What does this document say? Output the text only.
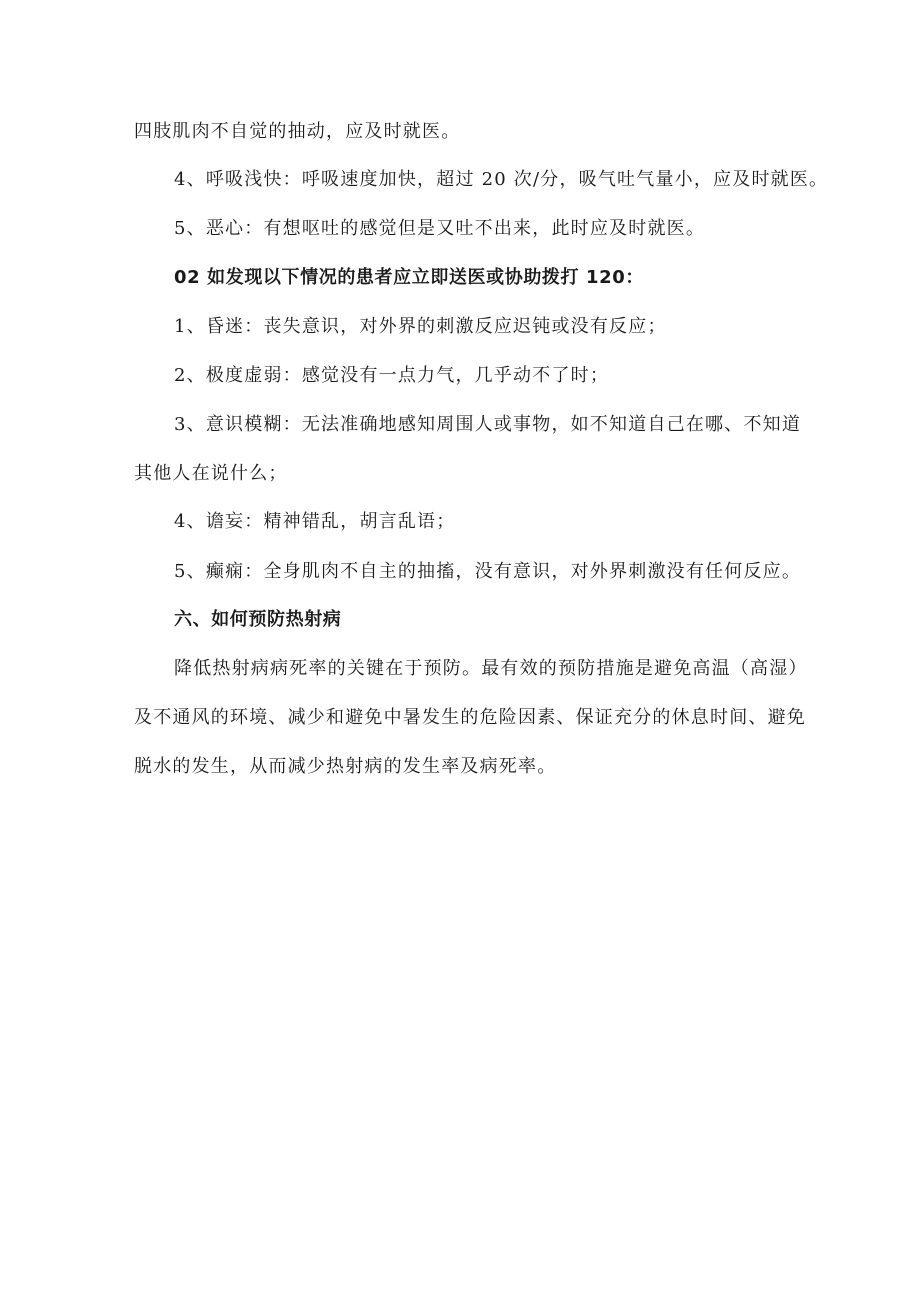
四肢肌肉不自觉的抽动，应及时就医。
4、呼吸浅快：呼吸速度加快，超过 20 次/分，吸气吐气量小，应及时就医。
5、恶心：有想呕吐的感觉但是又吐不出来，此时应及时就医。
02 如发现以下情况的患者应立即送医或协助拨打 120：
1、昏迷：丧失意识，对外界的刺激反应迟钝或没有反应；
2、极度虚弱：感觉没有一点力气，几乎动不了时；
3、意识模糊：无法准确地感知周围人或事物，如不知道自己在哪、不知道
其他人在说什么；
4、谵妄：精神错乱，胡言乱语；
5、癫痫：全身肌肉不自主的抽搐，没有意识，对外界刺激没有任何反应。
六、如何预防热射病
降低热射病病死率的关键在于预防。最有效的预防措施是避免高温（高湿）
及不通风的环境、减少和避免中暑发生的危险因素、保证充分的休息时间、避免
脱水的发生，从而减少热射病的发生率及病死率。
